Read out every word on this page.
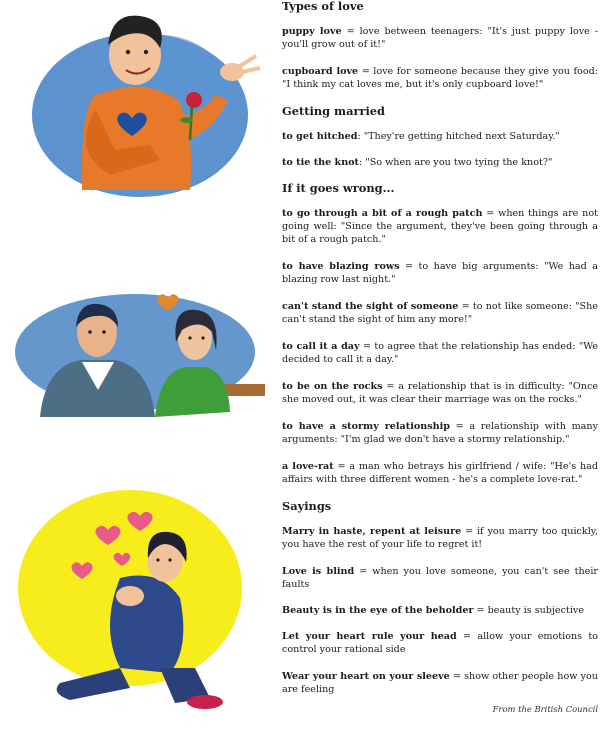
Types of love

puppy love = love between teenagers: "It's just puppy love - you'll grow out of it!"

cupboard love = love for someone because they give you food: "I think my cat loves me, but it's only cupboard love!"

Getting married

to get hitched: "They're getting hitched next Saturday."

to tie the knot: "So when are you two tying the knot?"

If it goes wrong...

to go through a bit of a rough patch = when things are not going well: "Since the argument, they've been going through a bit of a rough patch."

to have blazing rows = to have big arguments: "We had a blazing row last night."

can't stand the sight of someone = to not like someone: "She can't stand the sight of him any more!"

to call it a day = to agree that the relationship has ended: "We decided to call it a day."

to be on the rocks = a relationship that is in difficulty: "Once she moved out, it was clear their marriage was on the rocks."

to have a stormy relationship = a relationship with many arguments: "I'm glad we don't have a stormy relationship."

a love-rat = a man who betrays his girlfriend / wife: "He's had affairs with three different women - he's a complete love-rat."

Sayings

Marry in haste, repent at leisure = if you marry too quickly, you have the rest of your life to regret it!

Love is blind = when you love someone, you can't see their faults

Beauty is in the eye of the beholder = beauty is subjective

Let your heart rule your head = allow your emotions to control your rational side

Wear your heart on your sleeve = show other people how you are feeling

From the British Council
